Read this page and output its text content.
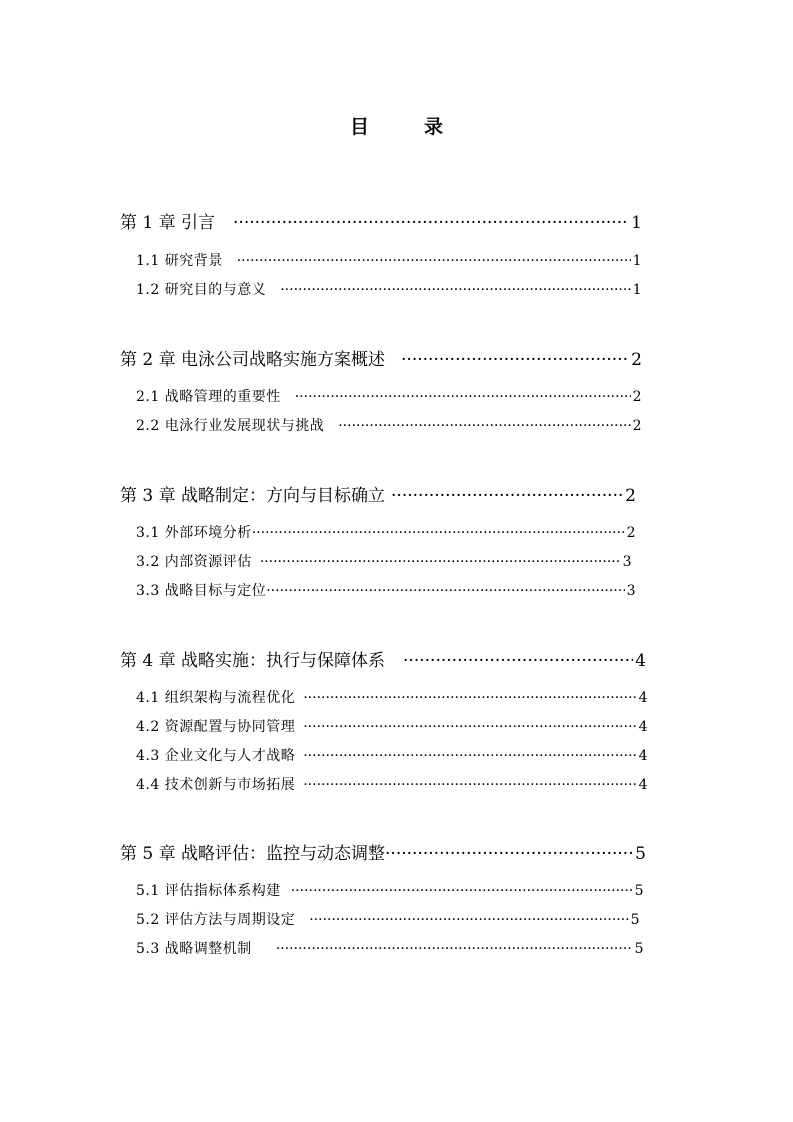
目　录
第 1 章 引言 ·····	1
1.1 研究背景 ·····	1
1.2 研究目的与意义 ·····	1
第 2 章 电泳公司战略实施方案概述 ·····	2
2.1 战略管理的重要性 ·····	2
2.2 电泳行业发展现状与挑战 ·····	2
第 3 章 战略制定：方向与目标确立 ·····	2
3.1 外部环境分析 ·····	2
3.2 内部资源评估 ·····	3
3.3 战略目标与定位 ·····	3
第 4 章 战略实施：执行与保障体系 ·····	4
4.1 组织架构与流程优化 ·····	4
4.2 资源配置与协同管理 ·····	4
4.3 企业文化与人才战略 ·····	4
4.4 技术创新与市场拓展 ·····	4
第 5 章 战略评估：监控与动态调整 ·····	5
5.1 评估指标体系构建 ·····	5
5.2 评估方法与周期设定 ·····	5
5.3 战略调整机制 ·····	5
